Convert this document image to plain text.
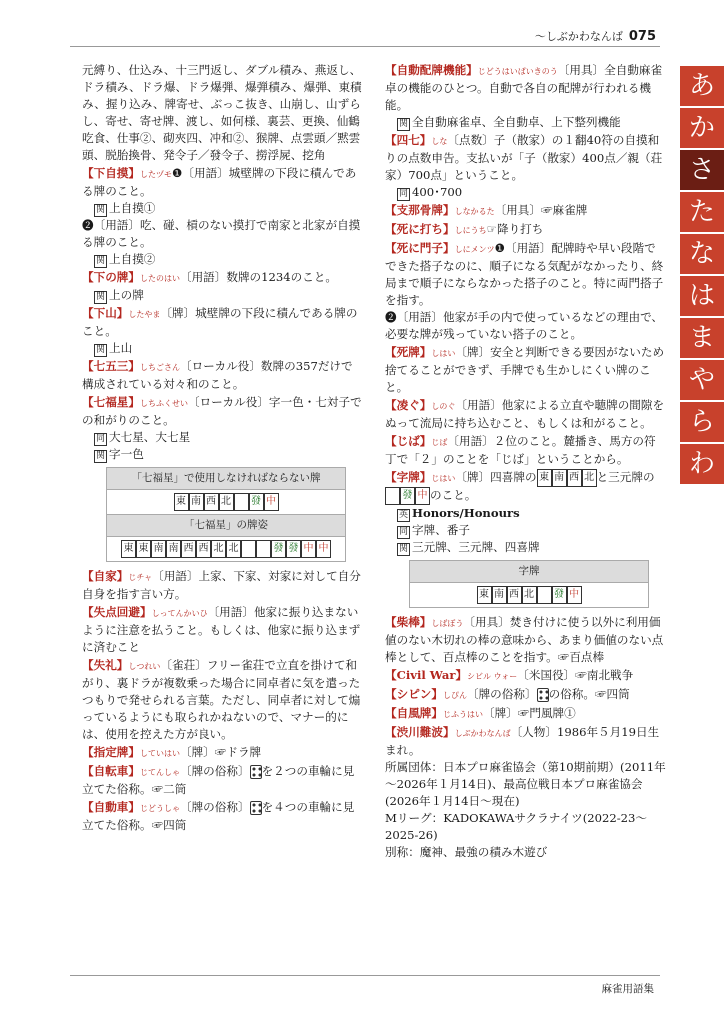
～しぶかわなんば 075
あ
か
さ
た
な
は
ま
や
ら
わ
元縛り、仕込み、十三門返し、ダブル積み、燕返し、ドラ積み、ドラ爆、ドラ爆弾、爆弾積み、爆弾、東積み、握り込み、牌寄せ、ぶっこ抜き、山崩し、山ずらし、寄せ、寄せ牌、渡し、如何様、裏芸、更換、仙鶴吃食、仕事②、砌夾四、冲和②、猴牌、点雲頭／黙雲頭、脱胎換骨、発令子／發令子、撈浮屍、挖角
【下自摸】したヅモ❶〔用語〕城壁牌の下段に積んである牌のこと。
関 上自摸①
❷〔用語〕吃、碰、槓のない摸打で南家と北家が自摸る牌のこと。
関 上自摸②
【下の牌】したのはい〔用語〕数牌の1234のこと。
関 上の牌
【下山】したやま〔牌〕城壁牌の下段に積んである牌のこと。
関 上山
【七五三】しちごさん〔ローカル役〕数牌の357だけで構成されている対々和のこと。
【七福星】しちふくせい〔ローカル役〕字一色・七対子での和がりのこと。
同 大七星、大七星
関 字一色
「七福星」で使用しなければならない牌
東 南 西 北 發 中
「七福星」の牌姿
東 東 南 南 西 西 北 北	發 發 中 中
【自家】じチャ〔用語〕上家、下家、対家に対して自分自身を指す言い方。
【失点回避】しってんかいひ〔用語〕他家に振り込まないように注意を払うこと。もしくは、他家に振り込まずに済むこと
【失礼】しつれい〔雀荘〕フリー雀荘で立直を掛けて和がり、裏ドラが複数乗った場合に同卓者に気を遣ったつもりで発せられる言葉。ただし、同卓者に対して煽っているようにも取られかねないので、マナー的には、使用を控えた方が良い。
【指定牌】していはい〔牌〕☞ドラ牌
【自転車】じてんしゃ〔牌の俗称〕 を２つの車輪に見立てた俗称。☞二筒
【自動車】じどうしゃ〔牌の俗称〕 を４つの車輪に見立てた俗称。☞四筒
【自動配牌機能】じどうはいぱいきのう〔用具〕全自動麻雀卓の機能のひとつ。自動で各自の配牌が行われる機能。
関 全自動麻雀卓、全自動卓、上下整列機能
【四七】しな〔点数〕子（散家）の１翻40符の自摸和りの点数申告。支払いが「子（散家）400点／親（荘家）700点」ということ。
同 400･700
【支那骨牌】しなかるた〔用具〕☞麻雀牌
【死に打ち】しにうち☞降り打ち
【死に門子】しにメンツ❶〔用語〕配牌時や早い段階でできた搭子なのに、順子になる気配がなかったり、終局まで順子にならなかった搭子のこと。特に両門搭子を指す。
❷〔用語〕他家が手の内で使っているなどの理由で、必要な牌が残っていない搭子のこと。
【死牌】しはい〔牌〕安全と判断できる要因がないため捨てることができず、手牌でも生かしにくい牌のこと。
【凌ぐ】しのぐ〔用語〕他家による立直や聴牌の間隙をぬって流局に持ち込むこと、もしくは和がること。
【じば】じば〔用語〕２位のこと。麓播き、馬方の符丁で「２」のことを「じば」ということから。
【字牌】じはい〔牌〕四喜牌の 東 南 西 北 と三元牌の發 中 のこと。
英 Honors/Honours
同 字牌、番子
関 三元牌、三元牌、四喜牌
字牌
東 南 西 北 發 中
【柴棒】しばぼう〔用具〕焚き付けに使う以外に利用価値のない木切れの棒の意味から、あまり価値のない点棒として、百点棒のことを指す。☞百点棒
【Civil War】シビル ウォー〔米国役〕☞南北戦争
【シピン】しぴん〔牌の俗称〕 の俗称。☞四筒
【自風牌】じふうはい〔牌〕☞門風牌①
【渋川難波】しぶかわなんば〔人物〕1986年５月19日生まれ。
所属団体：日本プロ麻雀協会（第10期前期）(2011年～2026年１月14日)、最高位戦日本プロ麻雀協会(2026年１月14日～現在)
Mリーグ：KADOKAWAサクラナイツ(2022-23～2025-26)
別称：魔神、最強の積み木遊び
麻雀用語集
